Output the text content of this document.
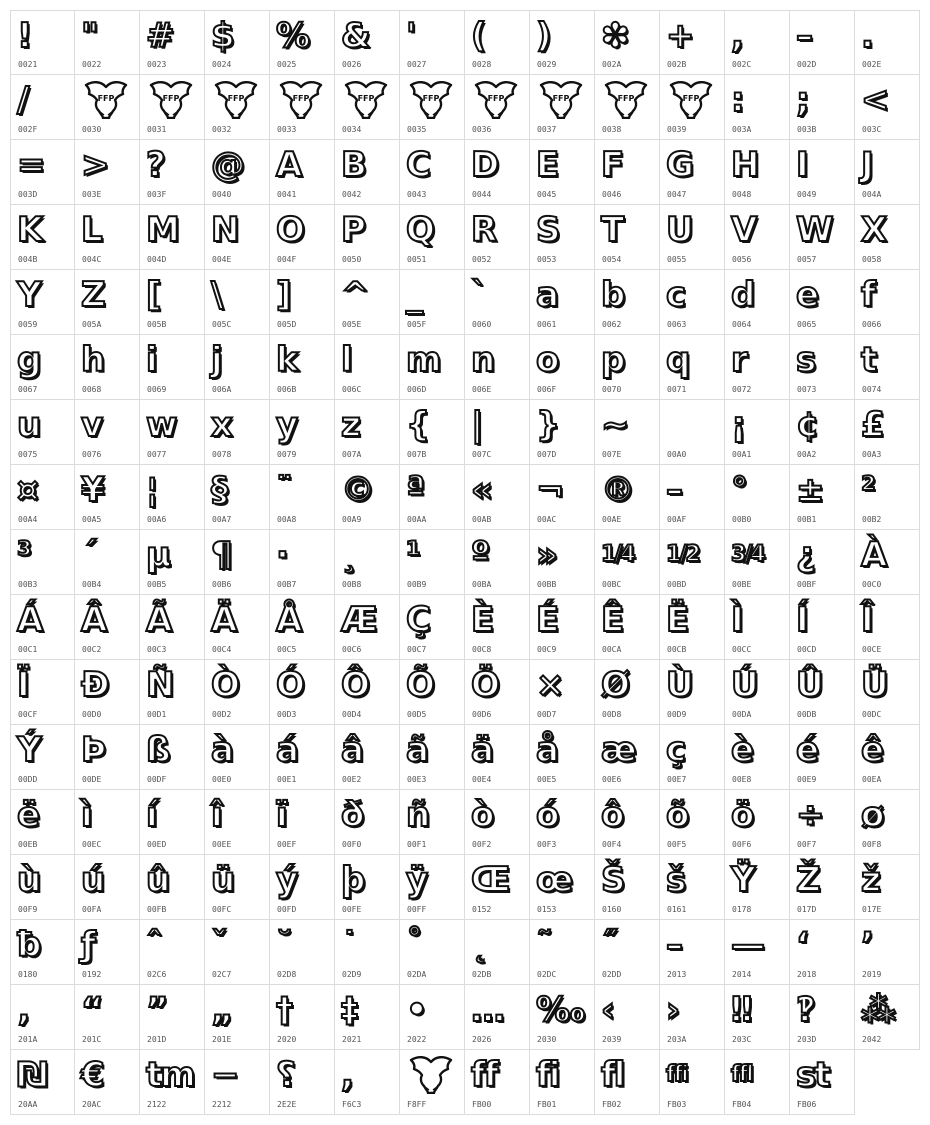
!
0021
"
0022
#
0023
$
0024
%
0025
&
0026
'
0027
(
0028
)
0029
✽
002A
+
002B
,
002C
–
002D
.
002E
/
002F
FFP
0030
FFP
0031
FFP
0032
FFP
0033
FFP
0034
FFP
0035
FFP
0036
FFP
0037
FFP
0038
FFP
0039
:
003A
;
003B
<
003C
=
003D
>
003E
?
003F
@
0040
A
0041
B
0042
C
0043
D
0044
E
0045
F
0046
G
0047
H
0048
I
0049
J
004A
K
004B
L
004C
M
004D
N
004E
O
004F
P
0050
Q
0051
R
0052
S
0053
T
0054
U
0055
V
0056
W
0057
X
0058
Y
0059
Z
005A
[
005B
\
005C
]
005D
^
005E
_
005F
`
0060
a
0061
b
0062
c
0063
d
0064
e
0065
f
0066
g
0067
h
0068
i
0069
j
006A
k
006B
l
006C
m
006D
n
006E
o
006F
p
0070
q
0071
r
0072
s
0073
t
0074
u
0075
v
0076
w
0077
x
0078
y
0079
z
007A
{
007B
|
007C
}
007D
~
007E	00A0
¡
00A1
¢
00A2
£
00A3
¤
00A4
¥
00A5
¦
00A6
§
00A7
¨
00A8
©
00A9
ª
00AA
«
00AB
¬
00AC
®
00AE
–
00AF
°
00B0
±
00B1
²
00B2
³
00B3
´
00B4
µ
00B5
¶
00B6
·
00B7
¸
00B8
¹
00B9
º
00BA
»
00BB
1/4
00BC
1/2
00BD
3/4
00BE
¿
00BF
À
00C0
Á
00C1
Â
00C2
Ã
00C3
Ä
00C4
Å
00C5
Æ
00C6
Ç
00C7
È
00C8
É
00C9
Ê
00CA
Ë
00CB
Ì
00CC
Í
00CD
Î
00CE
Ï
00CF
Đ
00D0
Ñ
00D1
Ò
00D2
Ó
00D3
Ô
00D4
Õ
00D5
Ö
00D6
×
00D7
Ø
00D8
Ù
00D9
Ú
00DA
Û
00DB
Ü
00DC
Ý
00DD
Þ
00DE
ß
00DF
à
00E0
á
00E1
â
00E2
ã
00E3
ä
00E4
å
00E5
æ
00E6
ç
00E7
è
00E8
é
00E9
ê
00EA
ë
00EB
ì
00EC
í
00ED
î
00EE
ï
00EF
ð
00F0
ñ
00F1
ò
00F2
ó
00F3
ô
00F4
õ
00F5
ö
00F6
÷
00F7
ø
00F8
ù
00F9
ú
00FA
û
00FB
ü
00FC
ý
00FD
þ
00FE
ÿ
00FF
Œ
0152
œ
0153
Š
0160
š
0161
Ÿ
0178
Ž
017D
ž
017E
ƀ
0180
ƒ
0192
ˆ
02C6
ˇ
02C7
˘
02D8
˙
02D9
˚
02DA
˛
02DB
˜
02DC
˝
02DD
–
2013
—
2014
‘
2018
’
2019
‚
201A
“
201C
”
201D
„
201E
†
2020
‡
2021
•
2022
…
2026
‰
2030
‹
2039
›
203A
‼
203C
‽
203D
⁂
2042
₪
20AA
€
20AC
tm
2122
−
2212
⸮
2E2E
,
F6C3	F8FF
ff
FB00
fi
FB01
fl
FB02
ffi
FB03
ffl
FB04
st
FB06
